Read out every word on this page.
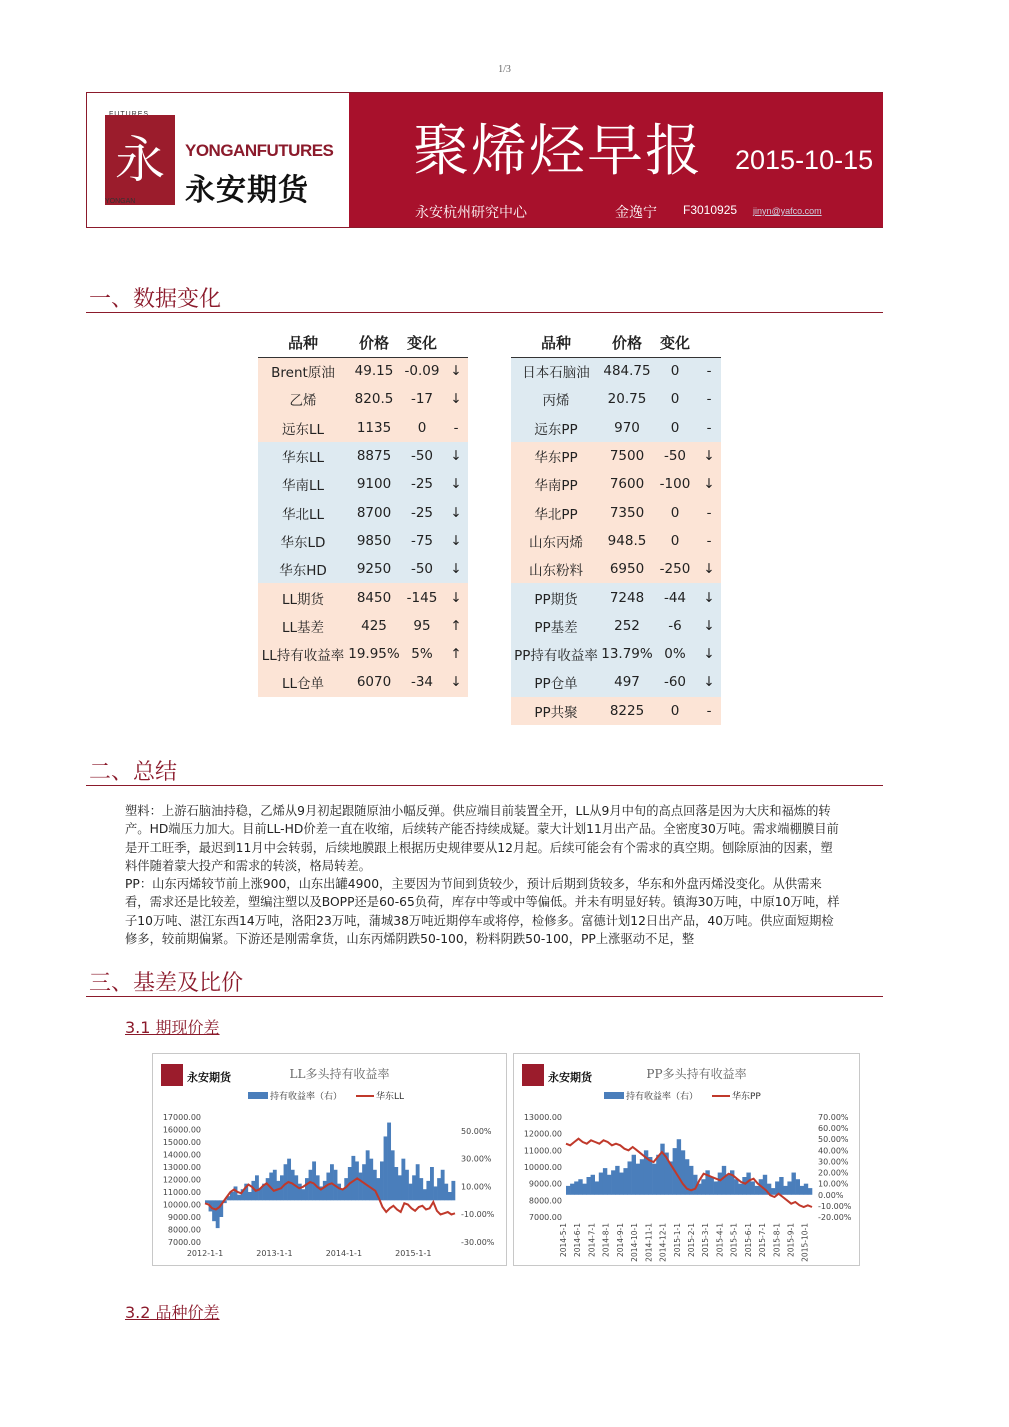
1/3
永
YONGAN
YONGANFUTURES
永安期货
聚烯烃早报 2015-10-15
永安杭州研究中心	金逸宁 F3010925 jinyn@yafco.com
一、数据变化
品种	价格	变化	
Brent原油	49.15	-0.09	↓
乙烯	820.5	-17	↓
远东LL	1135	0	-
华东LL	8875	-50	↓
华南LL	9100	-25	↓
华北LL	8700	-25	↓
华东LD	9850	-75	↓
华东HD	9250	-50	↓
LL期货	8450	-145	↓
LL基差	425	95	↑
LL持有收益率	19.95%	5%	↑
LL仓单	6070	-34	↓
品种	价格	变化	
日本石脑油	484.75	0	-
丙烯	20.75	0	-
远东PP	970	0	-
华东PP	7500	-50	↓
华南PP	7600	-100	↓
华北PP	7350	0	-
山东丙烯	948.5	0	-
山东粉料	6950	-250	↓
PP期货	7248	-44	↓
PP基差	252	-6	↓
PP持有收益率	13.79%	0%	↓
PP仓单	497	-60	↓
PP共聚	8225	0	-
二、总结

塑料：上游石脑油持稳，乙烯从9月初起跟随原油小幅反弹。供应端目前装置全开，LL从9月中旬的高点回落是因为大庆和福炼的转产。HD端压力加大。目前LL-HD价差一直在收缩，后续转产能否持续成疑。蒙大计划11月出产品。全密度30万吨。需求端棚膜目前是开工旺季，最迟到11月中会转弱，后续地膜跟上根据历史规律要从12月起。后续可能会有个需求的真空期。刨除原油的因素，塑料伴随着蒙大投产和需求的转淡，格局转差。

PP：山东丙烯较节前上涨900，山东出罐4900，主要因为节间到货较少，预计后期到货较多，华东和外盘丙烯没变化。从供需来看，需求还是比较差，塑编注塑以及BOPP还是60-65负荷，库存中等或中等偏低。并未有明显好转。镇海30万吨，中原10万吨，样子10万吨、湛江东西14万吨，洛阳23万吨，蒲城38万吨近期停车或将停，检修多。富德计划12日出产品，40万吨。供应面短期检修多，较前期偏紧。下游还是刚需拿货，山东丙烯阴跌50-100，粉料阴跌50-100，PP上涨驱动不足，整

三、基差及比价
3.1 期现价差
永安期货	LL多头持有收益率
持有收益率（右）	华东LL
17000.00
16000.00
15000.00
14000.00
13000.00
12000.00
11000.00
10000.00
9000.00
8000.00
7000.00
50.00%
30.00%
10.00%
-10.00%
-30.00%
2012-1-1	2013-1-1	2014-1-1	2015-1-1
永安期货	PP多头持有收益率
持有收益率（右）	华东PP
13000.00
12000.00
11000.00
10000.00
9000.00
8000.00
7000.00
70.00%
60.00%
50.00%
40.00%
30.00%
20.00%
10.00%
0.00%
-10.00%
-20.00%
2014-5-1 2014-6-1 2014-7-1 2014-8-1 2014-9-1 2014-10-1 2014-11-1 2014-12-1 2015-1-1 2015-2-1 2015-3-1 2015-4-1 2015-5-1 2015-6-1 2015-7-1 2015-8-1 2015-9-1 2015-10-1
3.2 品种价差
